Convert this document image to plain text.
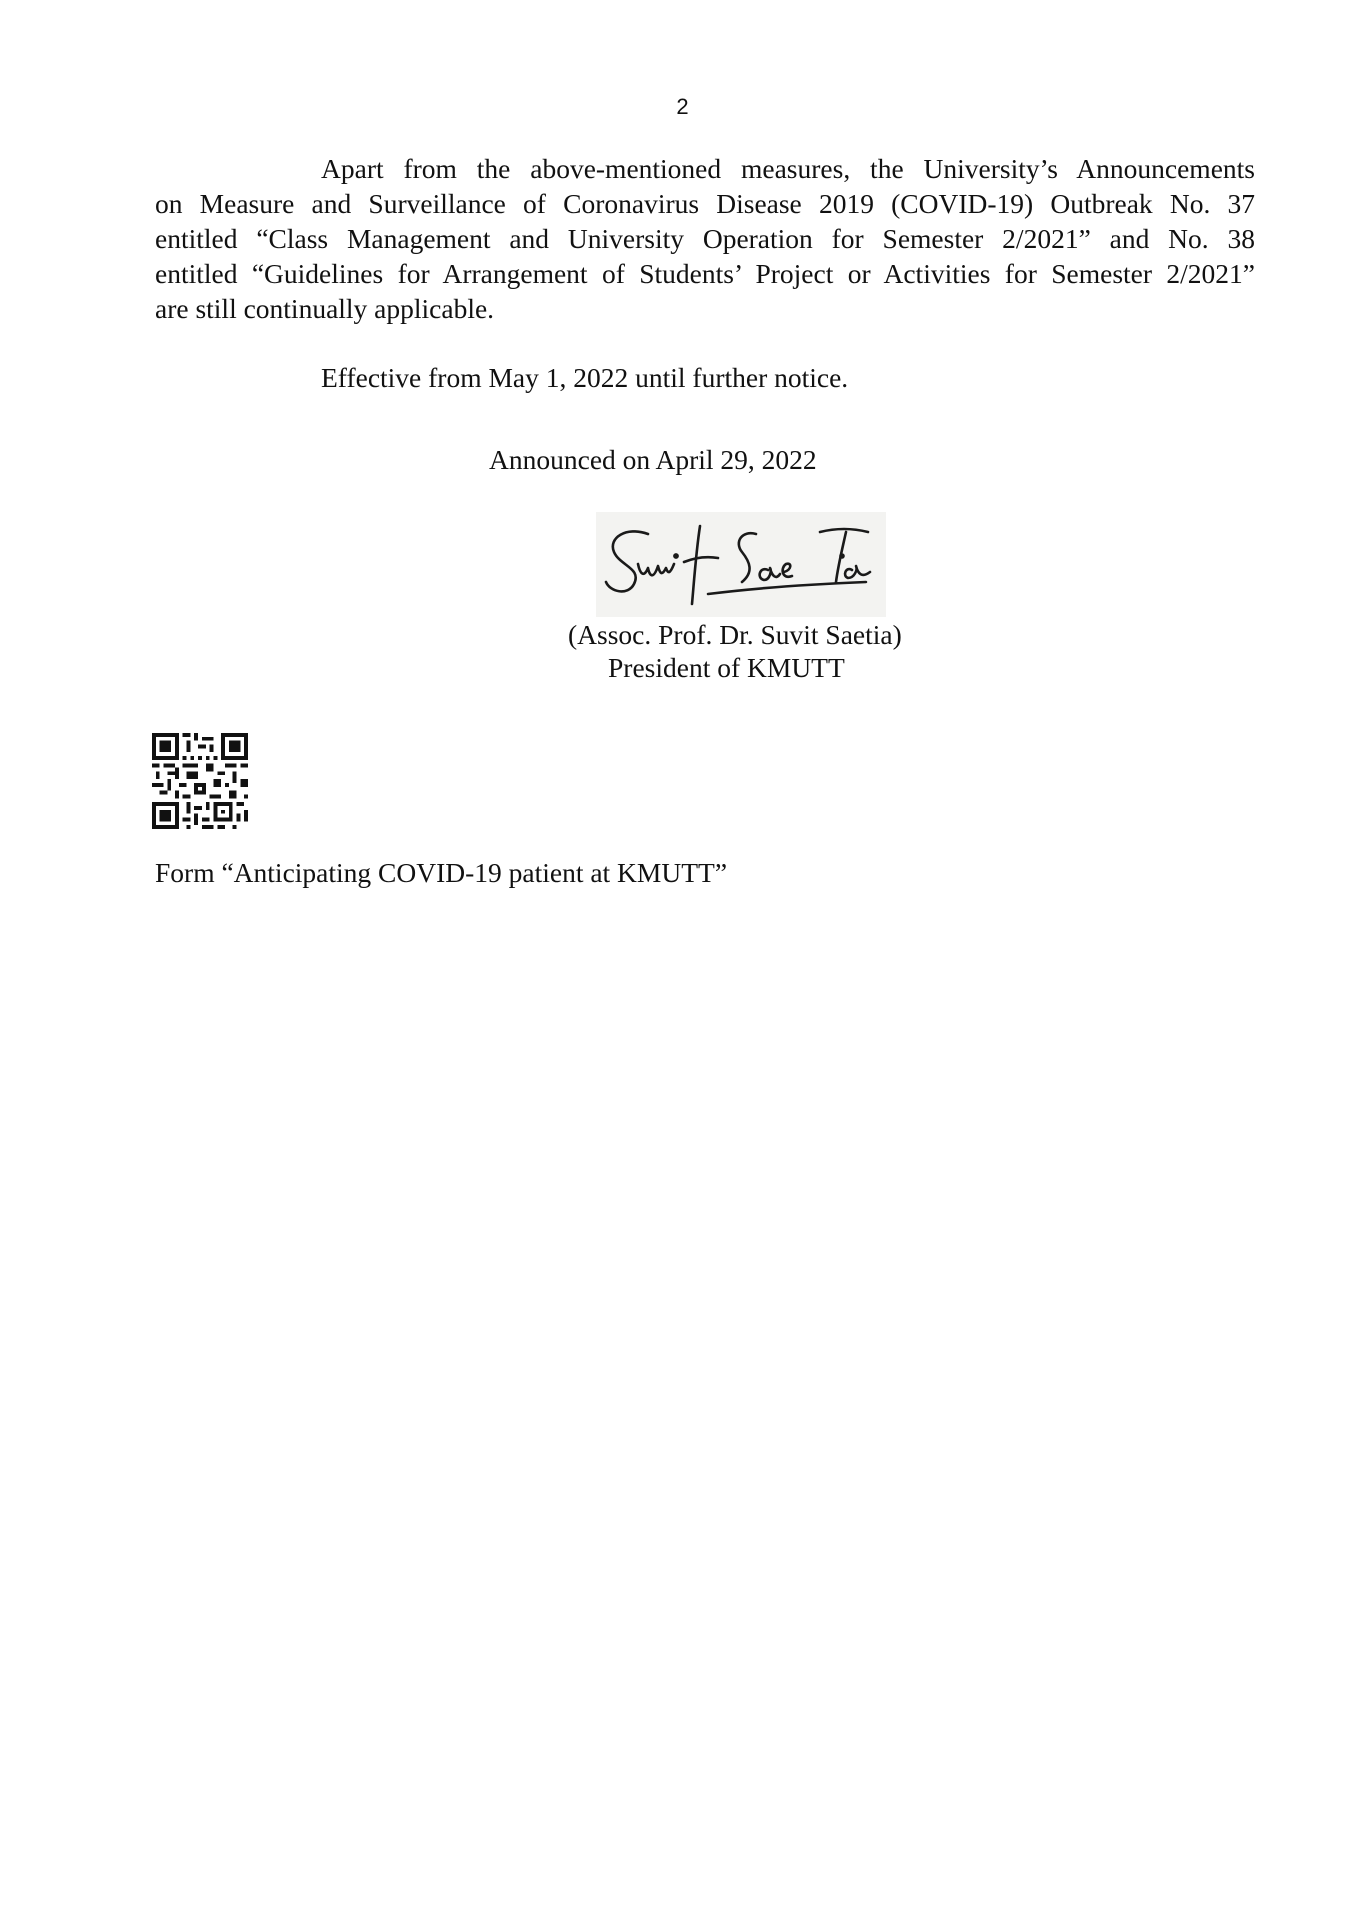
2

Apart from the above-mentioned measures, the University’s Announcements
on Measure and Surveillance of Coronavirus Disease 2019 (COVID-19) Outbreak No. 37
entitled “Class Management and University Operation for Semester 2/2021” and No. 38
entitled “Guidelines for Arrangement of Students’ Project or Activities for Semester 2/2021”
are still continually applicable.

Effective from May 1, 2022 until further notice.

Announced on April 29, 2022

(Assoc. Prof. Dr. Suvit Saetia)

President of KMUTT

Form “Anticipating COVID-19 patient at KMUTT”
